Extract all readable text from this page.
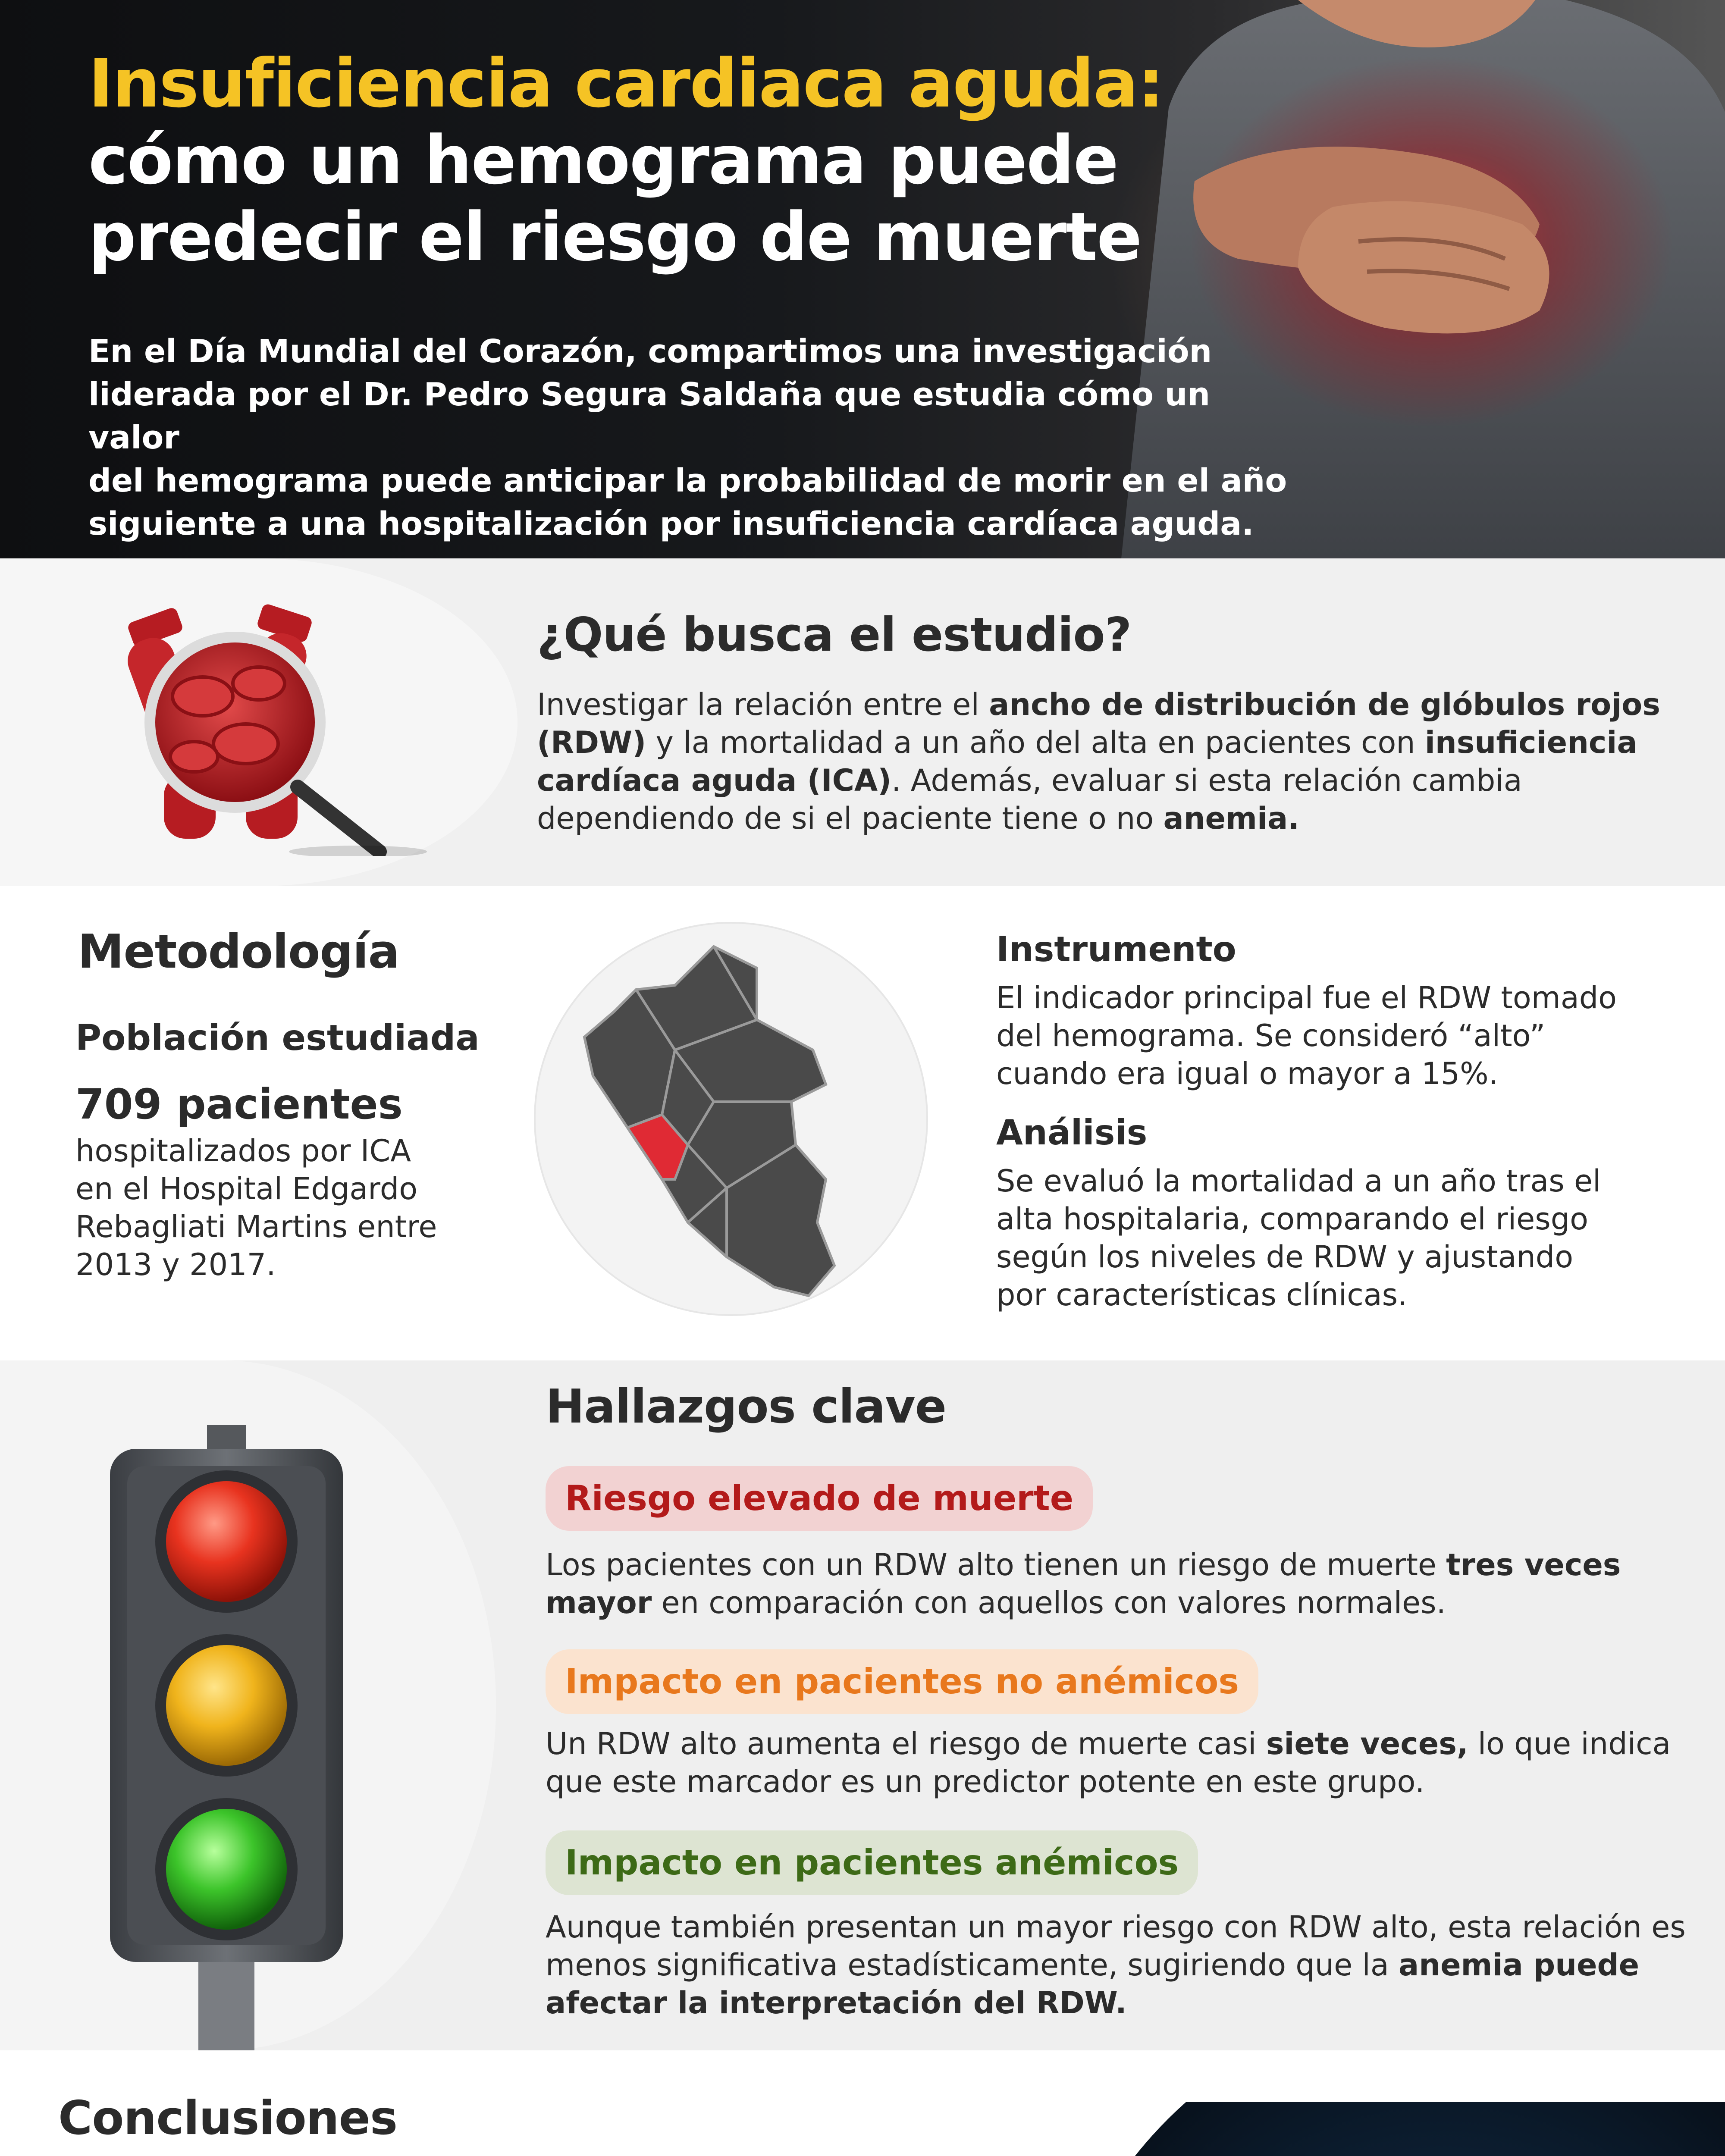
Insuficiencia cardiaca aguda:
cómo un hemograma puede
predecir el riesgo de muerte
En el Día Mundial del Corazón, compartimos una investigación
liderada por el Dr. Pedro Segura Saldaña que estudia cómo un valor
del hemograma puede anticipar la probabilidad de morir en el año
siguiente a una hospitalización por insuficiencia cardíaca aguda.
¿Qué busca el estudio?
Investigar la relación entre el ancho de distribución de glóbulos rojos (RDW) y la mortalidad a un año del alta en pacientes con insuficiencia cardíaca aguda (ICA). Además, evaluar si esta relación cambia dependiendo de si el paciente tiene o no anemia.
Metodología
Población estudiada
709 pacientes
hospitalizados por ICA
en el Hospital Edgardo
Rebagliati Martins entre
2013 y 2017.
Instrumento
El indicador principal fue el RDW tomado
del hemograma. Se consideró “alto”
cuando era igual o mayor a 15%.
Análisis
Se evaluó la mortalidad a un año tras el
alta hospitalaria, comparando el riesgo
según los niveles de RDW y ajustando
por características clínicas.
Hallazgos clave
Riesgo elevado de muerte
Los pacientes con un RDW alto tienen un riesgo de muerte tres veces mayor en comparación con aquellos con valores normales.
Impacto en pacientes no anémicos
Un RDW alto aumenta el riesgo de muerte casi siete veces, lo que indica que este marcador es un predictor potente en este grupo.
Impacto en pacientes anémicos
Aunque también presentan un mayor riesgo con RDW alto, esta relación es menos significativa estadísticamente, sugiriendo que la anemia puede afectar la interpretación del RDW.
Conclusiones
